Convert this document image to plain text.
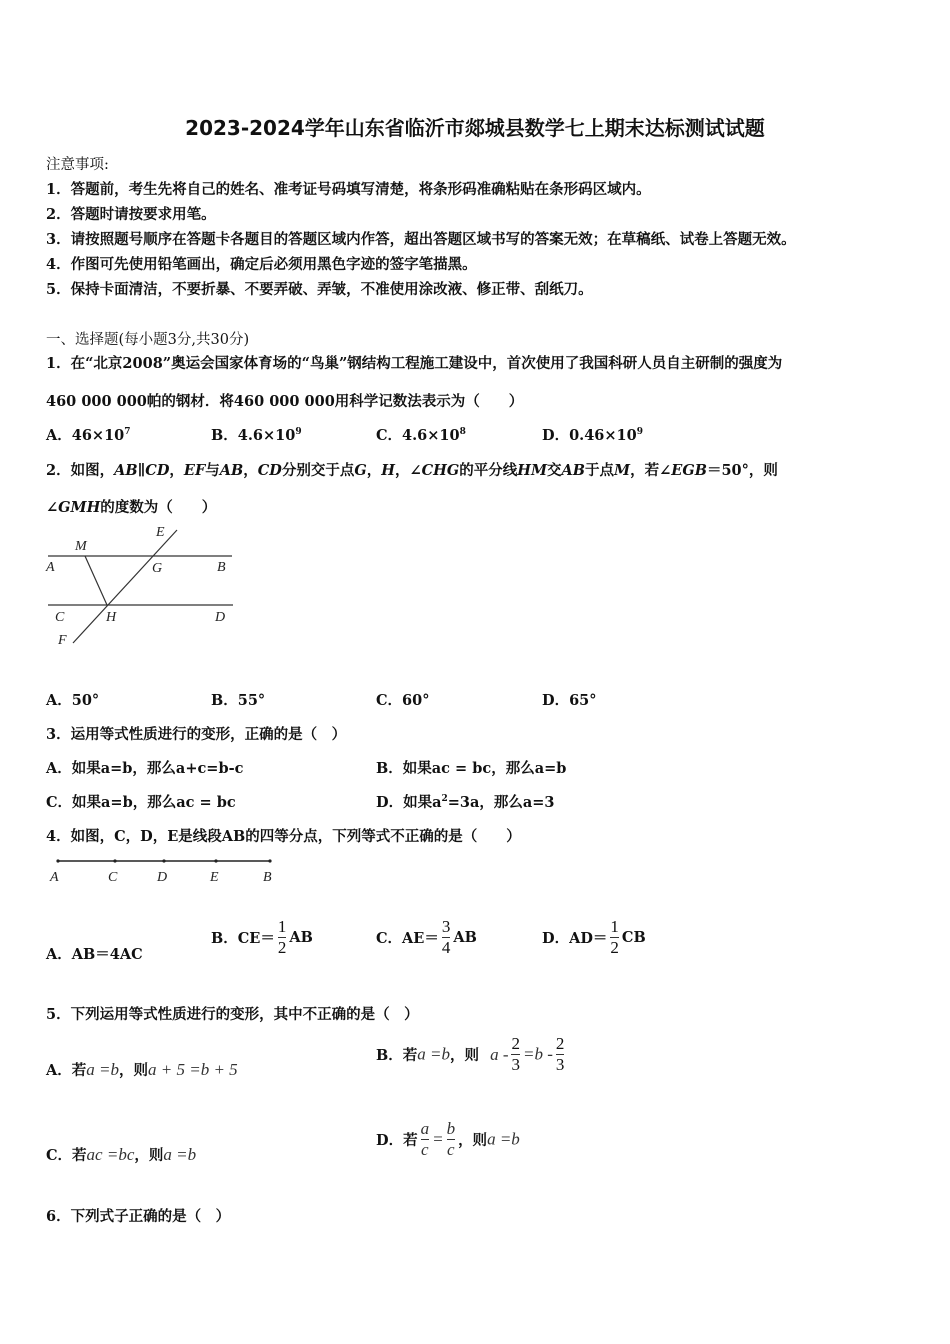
2023-2024学年山东省临沂市郯城县数学七上期末达标测试试题
注意事项:
1．答题前，考生先将自己的姓名、准考证号码填写清楚，将条形码准确粘贴在条形码区域内。
2．答题时请按要求用笔。
3．请按照题号顺序在答题卡各题目的答题区域内作答，超出答题区域书写的答案无效；在草稿纸、试卷上答题无效。
4．作图可先使用铅笔画出，确定后必须用黑色字迹的签字笔描黑。
5．保持卡面清洁，不要折暴、不要弄破、弄皱，不准使用涂改液、修正带、刮纸刀。
一、选择题(每小题3分,共30分)
1．在“北京2008”奥运会国家体育场的“鸟巢”钢结构工程施工建设中，首次使用了我国科研人员自主研制的强度为
460 000 000帕的钢材．将460 000 000用科学记数法表示为（　　）
A．$46\times 10^7$	B．$4.6\times 10^9$	C．$4.6\times 10^8$	D．$0.46\times 10^9$
2．如图，AB∥CD，EF与AB，CD分别交于点G，H，∠CHG的平分线HM交AB于点M，若∠EGB＝50°，则
∠GMH的度数为（　　）
M
E
A	G	B
C	H	D
F
A．50°	B．55°	C．60°	D．65°
3．运用等式性质进行的变形，正确的是（　）
A．如果a=b，那么a+c=b-c	B．如果ac = bc，那么a=b
C．如果a=b，那么ac = bc	D．如果$a^2=3a$，那么a=3
4．如图，C，D，E是线段AB的四等分点，下列等式不正确的是（　　）
A	C	D	E	B
A．AB＝4AC
B．$CE= \frac{1}{2}$ AB	C．$AE= \frac{3}{4}$ AB	D．$AD= \frac{1}{2}$ CB
5．下列运用等式性质进行的变形，其中不正确的是（　）
A．若a =b，则a + 5 =b + 5
B．若a =b，则 $a - \frac{2}{3} =b - \frac{2}{3}$
C．若ac =bc，则a =b
D．若 $\frac{a}{c} = \frac{b}{c}$ ，则a =b
6．下列式子正确的是（　）
